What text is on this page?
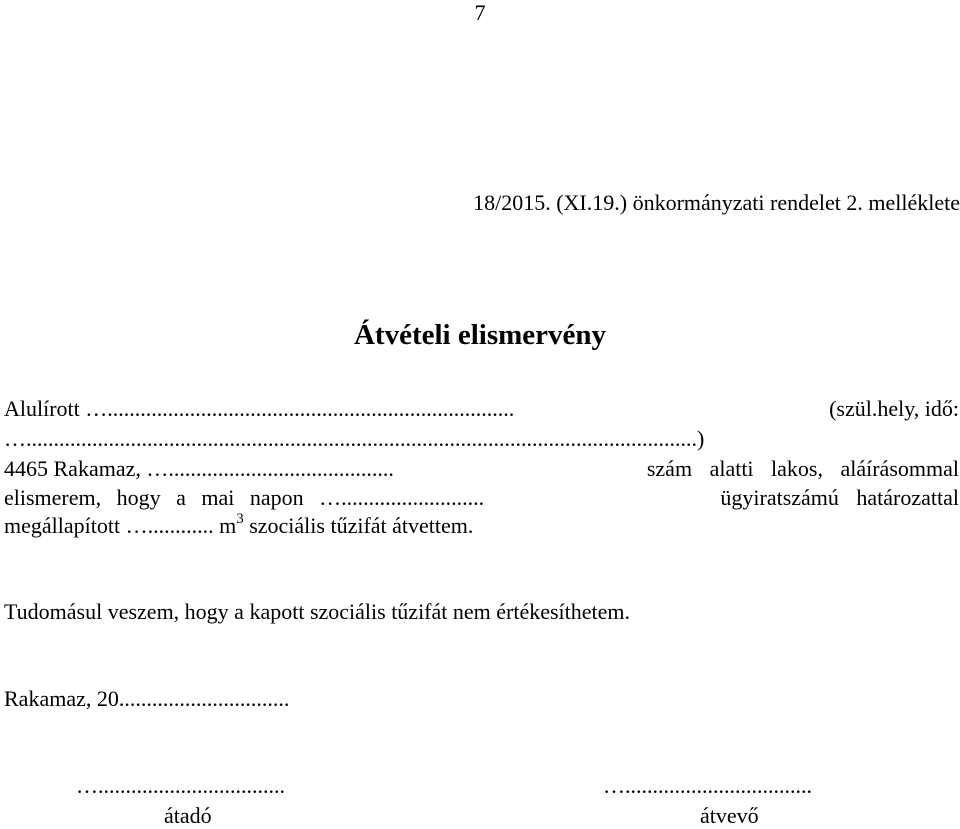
7
18/2015. (XI.19.) önkormányzati rendelet 2. melléklete
Átvételi elismervény
Alulírott …..........................................................................	(szül.hely, idő:
…..........................................................................................................................)
4465 Rakamaz, ….........................................	szám alatti lakos, aláírásommal
elismerem, hogy a mai napon …..........................	ügyiratszámú határozattal
megállapított …............ $m^3$ szociális tűzifát átvettem.
Tudomásul veszem, hogy a kapott szociális tűzifát nem értékesíthetem.
Rakamaz, 20...............................
…..................................
átadó
…..................................
átvevő
